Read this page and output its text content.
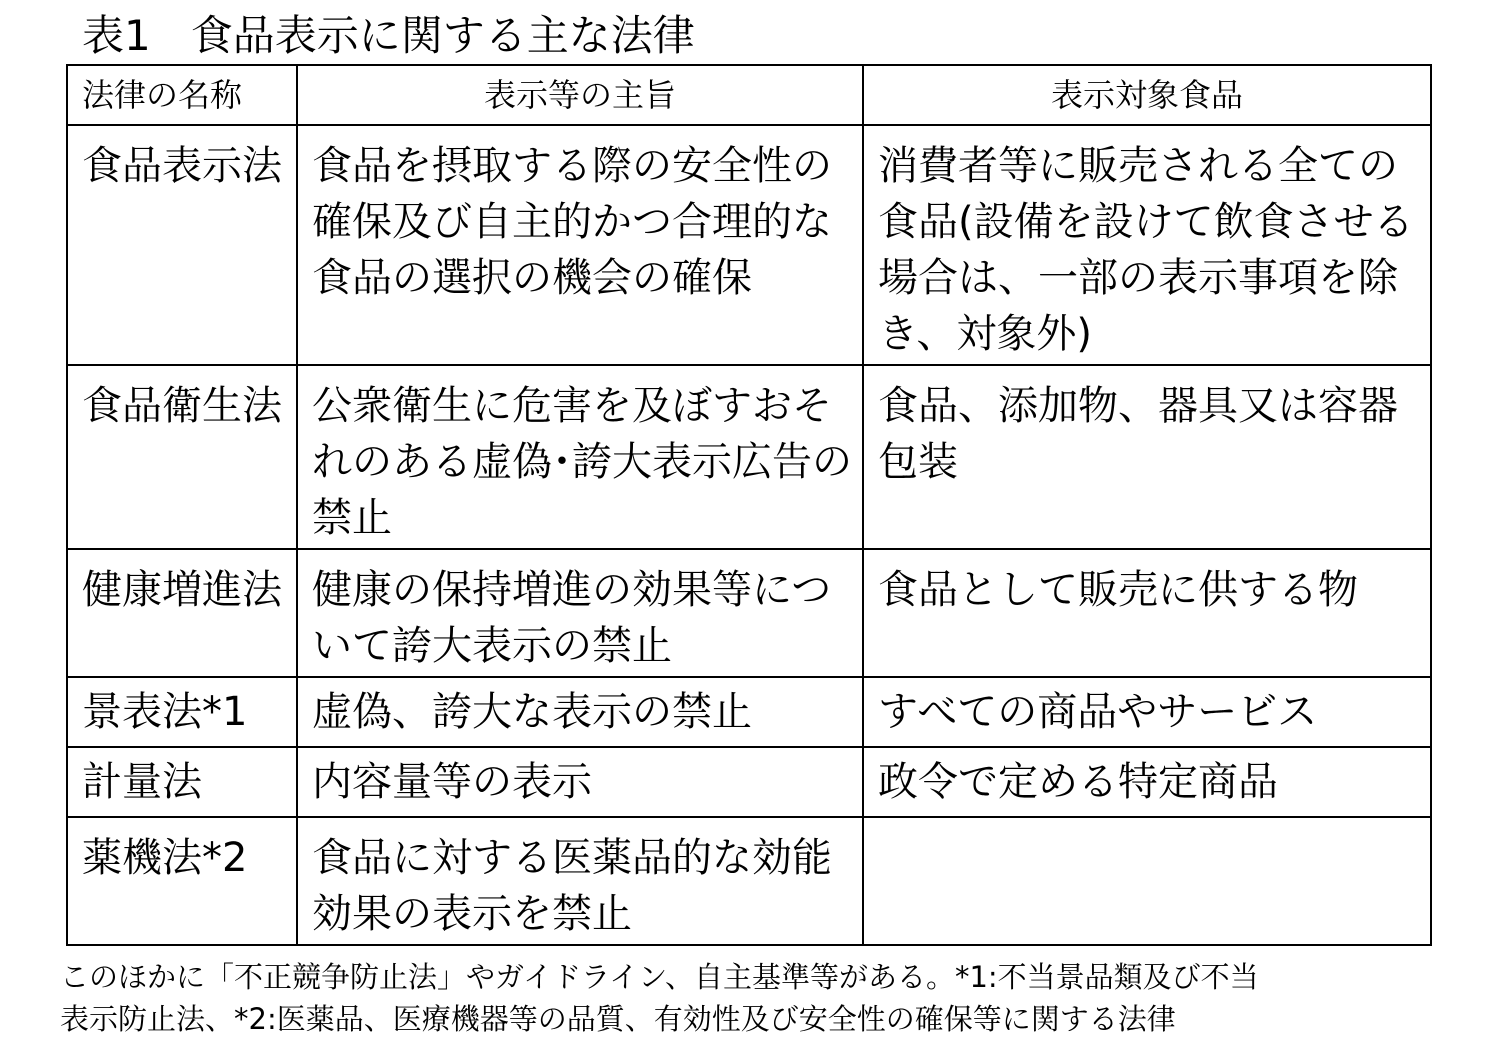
表1 食品表示に関する主な法律
法律の名称	表示等の主旨	表示対象食品

食品表示法	食品を摂取する際の安全性の確保及び自主的かつ合理的な食品の選択の機会の確保	消費者等に販売される全ての食品(設備を設けて飲食させる場合は、一部の表示事項を除き、対象外)

食品衛生法	公衆衛生に危害を及ぼすおそれのある虚偽･誇大表示広告の禁止	食品、添加物、器具又は容器包装

健康増進法	健康の保持増進の効果等について誇大表示の禁止	食品として販売に供する物

景表法*1	虚偽、誇大な表示の禁止	すべての商品やサービス

計量法	内容量等の表示	政令で定める特定商品

薬機法*2	食品に対する医薬品的な効能効果の表示を禁止	

このほかに「不正競争防止法」やガイドライン、自主基準等がある。*1:不当景品類及び不当

表示防止法、*2:医薬品、医療機器等の品質、有効性及び安全性の確保等に関する法律
